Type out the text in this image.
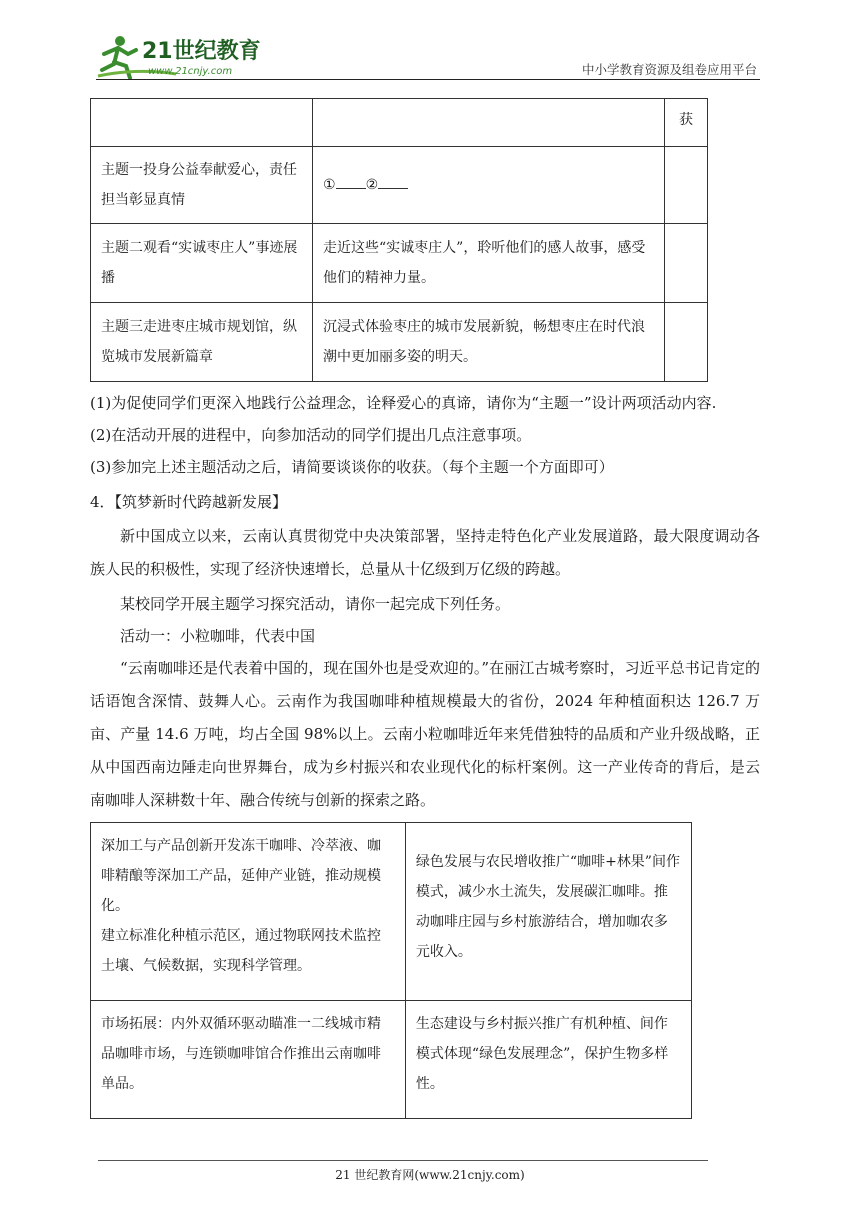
21世纪教育
www.21cnjy.com	中小学教育资源及组卷应用平台
		获
主题一投身公益奉献爱心，责任担当彰显真情	① ②	
主题二观看“实诚枣庄人”事迹展播	走近这些“实诚枣庄人”，聆听他们的感人故事，感受他们的精神力量。	
主题三走进枣庄城市规划馆，纵览城市发展新篇章	沉浸式体验枣庄的城市发展新貌，畅想枣庄在时代浪潮中更加丽多姿的明天。	
(1)为促使同学们更深入地践行公益理念，诠释爱心的真谛，请你为“主题一”设计两项活动内容.
(2)在活动开展的进程中，向参加活动的同学们提出几点注意事项。
(3)参加完上述主题活动之后，请简要谈谈你的收获。（每个主题一个方面即可）
4．【筑梦新时代跨越新发展】
新中国成立以来，云南认真贯彻党中央决策部署，坚持走特色化产业发展道路，最大限度调动各族人民的积极性，实现了经济快速增长，总量从十亿级到万亿级的跨越。
某校同学开展主题学习探究活动，请你一起完成下列任务。
活动一：小粒咖啡，代表中国
“云南咖啡还是代表着中国的，现在国外也是受欢迎的。”在丽江古城考察时，习近平总书记肯定的话语饱含深情、鼓舞人心。云南作为我国咖啡种植规模最大的省份，2024 年种植面积达 126.7 万亩、产量 14.6 万吨，均占全国 98%以上。云南小粒咖啡近年来凭借独特的品质和产业升级战略，正从中国西南边陲走向世界舞台，成为乡村振兴和农业现代化的标杆案例。这一产业传奇的背后，是云南咖啡人深耕数十年、融合传统与创新的探索之路。
深加工与产品创新开发冻干咖啡、冷萃液、咖啡精酿等深加工产品，延伸产业链，推动规模化。
建立标准化种植示范区，通过物联网技术监控土壤、气候数据，实现科学管理。	绿色发展与农民增收推广“咖啡+林果”间作模式，减少水土流失，发展碳汇咖啡。推动咖啡庄园与乡村旅游结合，增加咖农多元收入。
市场拓展：内外双循环驱动瞄准一二线城市精品咖啡市场，与连锁咖啡馆合作推出云南咖啡单品。	生态建设与乡村振兴推广有机种植、间作模式体现“绿色发展理念”，保护生物多样性。
21 世纪教育网(www.21cnjy.com)
